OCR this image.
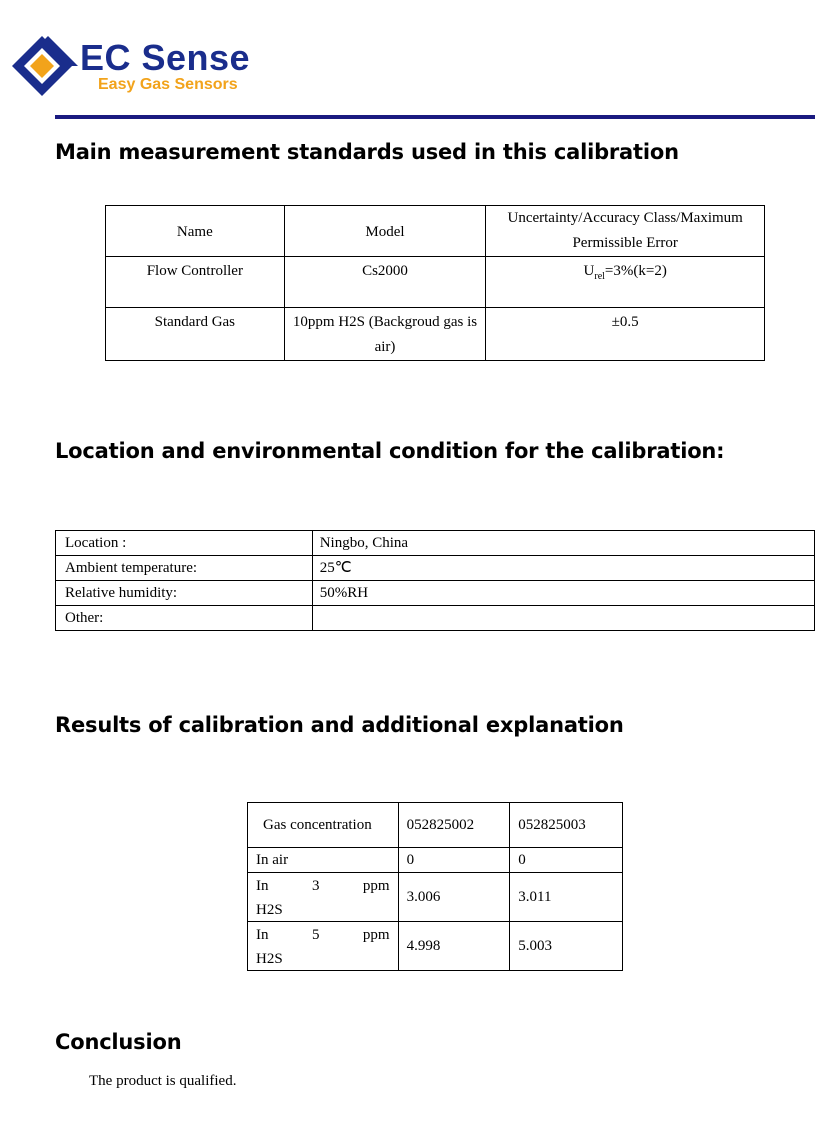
EC Sense
Easy Gas Sensors
Main measurement standards used in this calibration
Name	Model	Uncertainty/Accuracy Class/Maximum Permissible Error
Flow Controller	Cs2000	$U_{rel}=3\%(k=2)$
Standard Gas	10ppm H2S (Backgroud gas is air)	±0.5
Location and environmental condition for the calibration:
Location :	Ningbo, China
Ambient temperature:	25℃
Relative humidity:	50%RH
Other:	
Results of calibration and additional explanation
Gas concentration	052825002	052825003
In air	0	0

In 3 ppm
H2S	3.006	3.011

In 5 ppm
H2S	4.998	5.003
Conclusion
The product is qualified.
